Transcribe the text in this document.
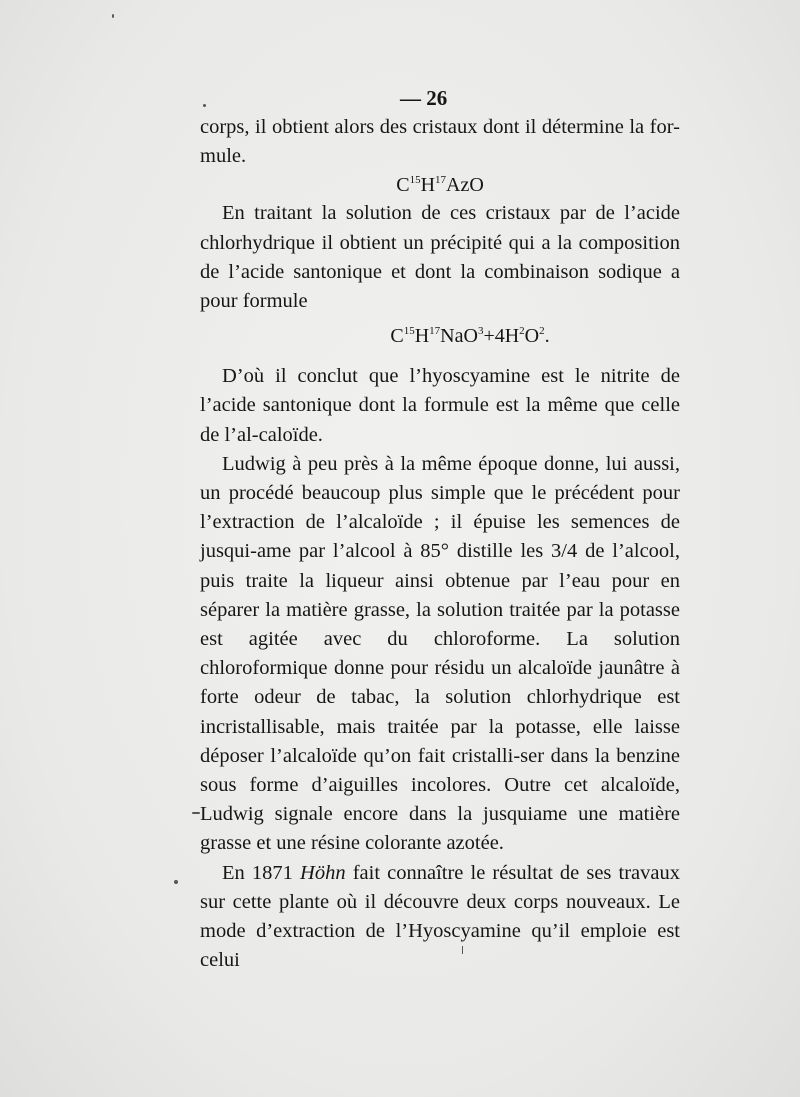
— 26

corps, il obtient alors des cristaux dont il détermine la for-mule.

$C^{15}H^{17}AzO$

En traitant la solution de ces cristaux par de l’acide chlorhydrique il obtient un précipité qui a la composition de l’acide santonique et dont la combinaison sodique a pour formule

$C^{15}H^{17}NaO^3+4H^2O^2$.

D’où il conclut que l’hyoscyamine est le nitrite de l’acide santonique dont la formule est la même que celle de l’al-caloïde.

Ludwig à peu près à la même époque donne, lui aussi, un procédé beaucoup plus simple que le précédent pour l’extraction de l’alcaloïde ; il épuise les semences de jusqui-ame par l’alcool à 85° distille les 3/4 de l’alcool, puis traite la liqueur ainsi obtenue par l’eau pour en séparer la matière grasse, la solution traitée par la potasse est agitée avec du chloroforme. La solution chloroformique donne pour résidu un alcaloïde jaunâtre à forte odeur de tabac, la solution chlorhydrique est incristallisable, mais traitée par la potasse, elle laisse déposer l’alcaloïde qu’on fait cristalli-ser dans la benzine sous forme d’aiguilles incolores. Outre cet alcaloïde, Ludwig signale encore dans la jusquiame une matière grasse et une résine colorante azotée.

En 1871 Höhn fait connaître le résultat de ses travaux sur cette plante où il découvre deux corps nouveaux. Le mode d’extraction de l’Hyoscyamine qu’il emploie est celui
